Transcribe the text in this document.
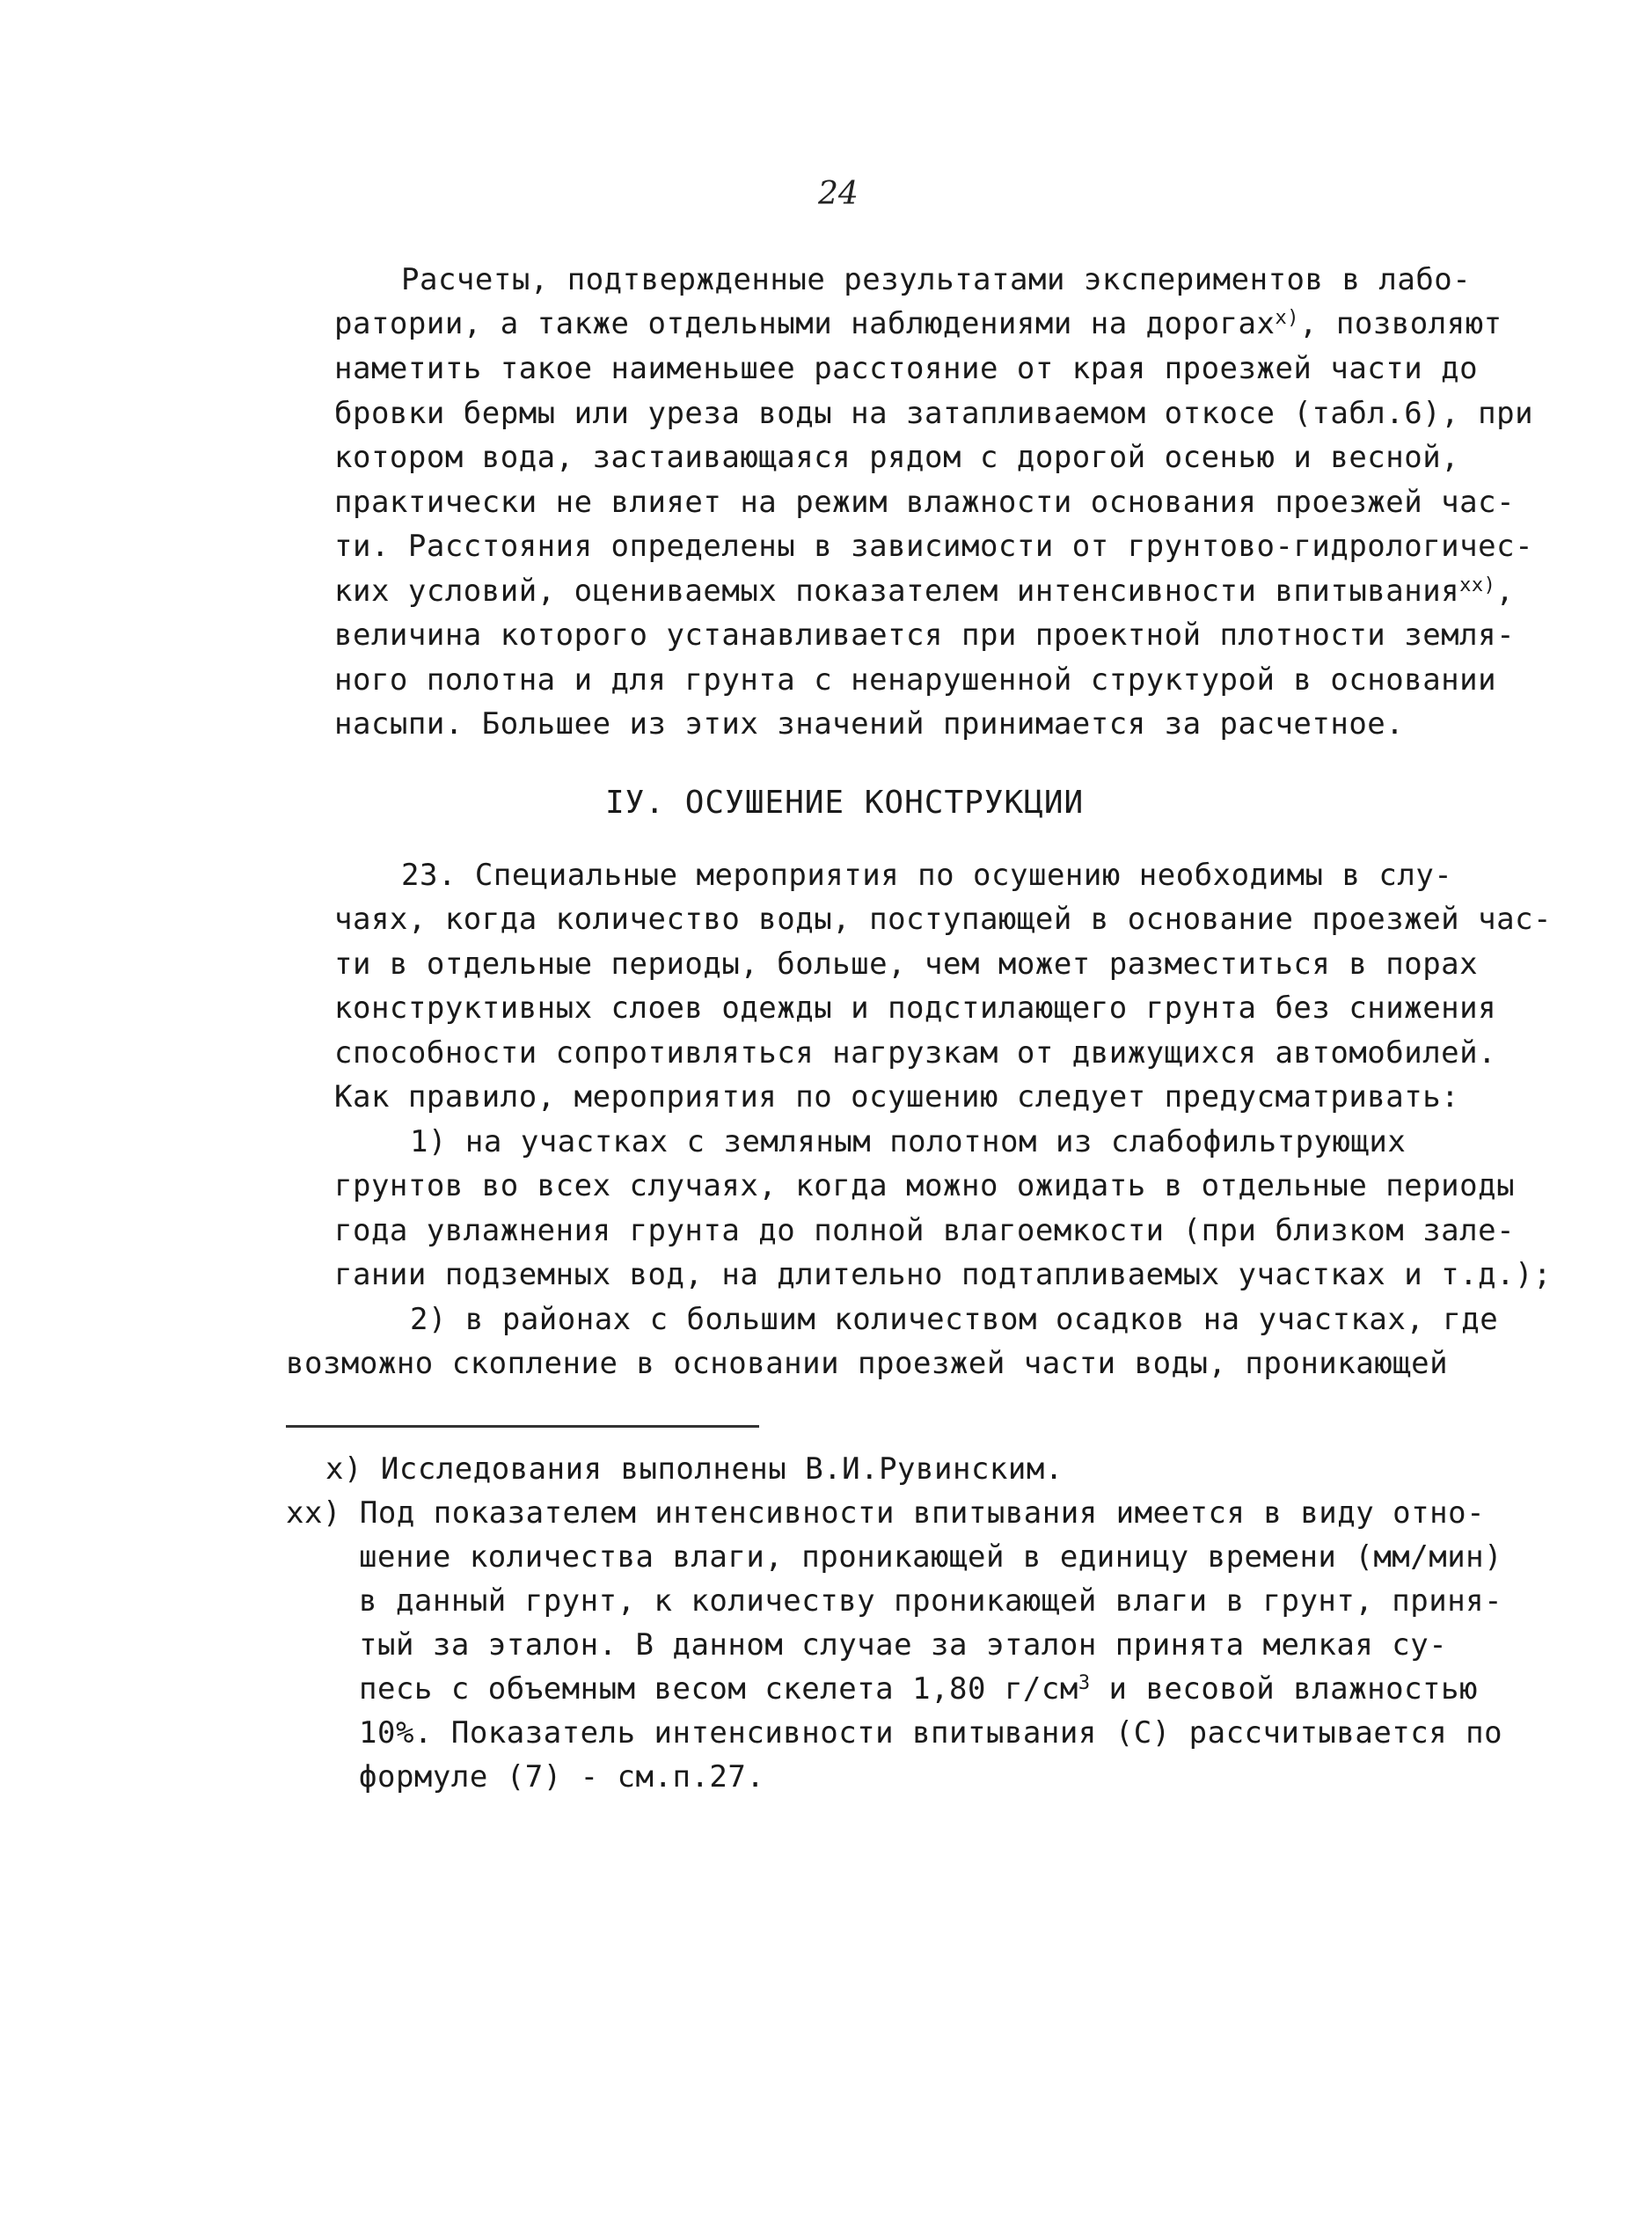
24
Расчеты, подтвержденные результатами экспериментов в лабо-
ратории, а также отдельными наблюдениями на дорогах$^{x)}$, позволяют
наметить такое наименьшее расстояние от края проезжей части до
бровки бермы или уреза воды на затапливаемом откосе (табл.6), при
котором вода, застаивающаяся рядом с дорогой осенью и весной,
практически не влияет на режим влажности основания проезжей час-
ти. Расстояния определены в зависимости от грунтово-гидрологичес-
ких условий, оцениваемых показателем интенсивности впитывания$^{xx)}$,
величина которого устанавливается при проектной плотности земля-
ного полотна и для грунта с ненарушенной структурой в основании
насыпи. Большее из этих значений принимается за расчетное.
IУ. ОСУШЕНИЕ КОНСТРУКЦИИ
23. Специальные мероприятия по осушению необходимы в слу-
чаях, когда количество воды, поступающей в основание проезжей час-
ти в отдельные периоды, больше, чем может разместиться в порах
конструктивных слоев одежды и подстилающего грунта без снижения
способности сопротивляться нагрузкам от движущихся автомобилей.
Как правило, мероприятия по осушению следует предусматривать:
1) на участках с земляным полотном из слабофильтрующих
грунтов во всех случаях, когда можно ожидать в отдельные периоды
года увлажнения грунта до полной влагоемкости (при близком зале-
гании подземных вод, на длительно подтапливаемых участках и т.д.);
2) в районах с большим количеством осадков на участках, где
возможно скопление в основании проезжей части воды, проникающей
x) Исследования выполнены В.И.Рувинским.
xx) Под показателем интенсивности впитывания имеется в виду отно-
шение количества влаги, проникающей в единицу времени (мм/мин)
в данный грунт, к количеству проникающей влаги в грунт, приня-
тый за эталон. В данном случае за эталон принята мелкая су-
песь с объемным весом скелета 1,80 $г/см^3$ и весовой влажностью
10%. Показатель интенсивности впитывания (С) рассчитывается по
формуле (7) - см.п.27.
